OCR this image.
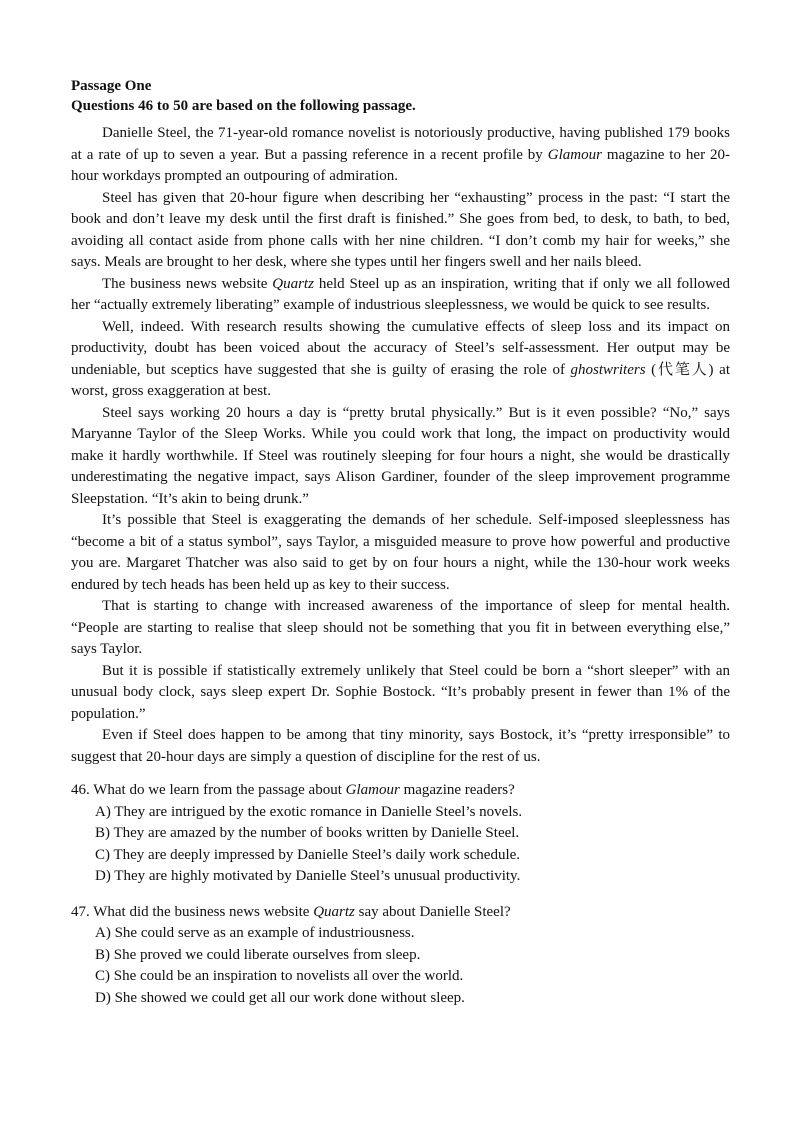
Passage One

Questions 46 to 50 are based on the following passage.

Danielle Steel, the 71-year-old romance novelist is notoriously productive, having published 179 books at a rate of up to seven a year. But a passing reference in a recent profile by Glamour magazine to her 20-hour workdays prompted an outpouring of admiration.

Steel has given that 20-hour figure when describing her “exhausting” process in the past: “I start the book and don’t leave my desk until the first draft is finished.” She goes from bed, to desk, to bath, to bed, avoiding all contact aside from phone calls with her nine children. “I don’t comb my hair for weeks,” she says. Meals are brought to her desk, where she types until her fingers swell and her nails bleed.

The business news website Quartz held Steel up as an inspiration, writing that if only we all followed her “actually extremely liberating” example of industrious sleeplessness, we would be quick to see results.

Well, indeed. With research results showing the cumulative effects of sleep loss and its impact on productivity, doubt has been voiced about the accuracy of Steel’s self-assessment. Her output may be undeniable, but sceptics have suggested that she is guilty of erasing the role of ghostwriters (代笔人) at worst, gross exaggeration at best.

Steel says working 20 hours a day is “pretty brutal physically.” But is it even possible? “No,” says Maryanne Taylor of the Sleep Works. While you could work that long, the impact on productivity would make it hardly worthwhile. If Steel was routinely sleeping for four hours a night, she would be drastically underestimating the negative impact, says Alison Gardiner, founder of the sleep improvement programme Sleepstation. “It’s akin to being drunk.”

It’s possible that Steel is exaggerating the demands of her schedule. Self-imposed sleeplessness has “become a bit of a status symbol”, says Taylor, a misguided measure to prove how powerful and productive you are. Margaret Thatcher was also said to get by on four hours a night, while the 130-hour work weeks endured by tech heads has been held up as key to their success.

That is starting to change with increased awareness of the importance of sleep for mental health. “People are starting to realise that sleep should not be something that you fit in between everything else,” says Taylor.

But it is possible if statistically extremely unlikely that Steel could be born a “short sleeper” with an unusual body clock, says sleep expert Dr. Sophie Bostock. “It’s probably present in fewer than 1% of the population.”

Even if Steel does happen to be among that tiny minority, says Bostock, it’s “pretty irresponsible” to suggest that 20-hour days are simply a question of discipline for the rest of us.

46. What do we learn from the passage about Glamour magazine readers?

A) They are intrigued by the exotic romance in Danielle Steel’s novels.

B) They are amazed by the number of books written by Danielle Steel.

C) They are deeply impressed by Danielle Steel’s daily work schedule.

D) They are highly motivated by Danielle Steel’s unusual productivity.

47. What did the business news website Quartz say about Danielle Steel?

A) She could serve as an example of industriousness.

B) She proved we could liberate ourselves from sleep.

C) She could be an inspiration to novelists all over the world.

D) She showed we could get all our work done without sleep.
